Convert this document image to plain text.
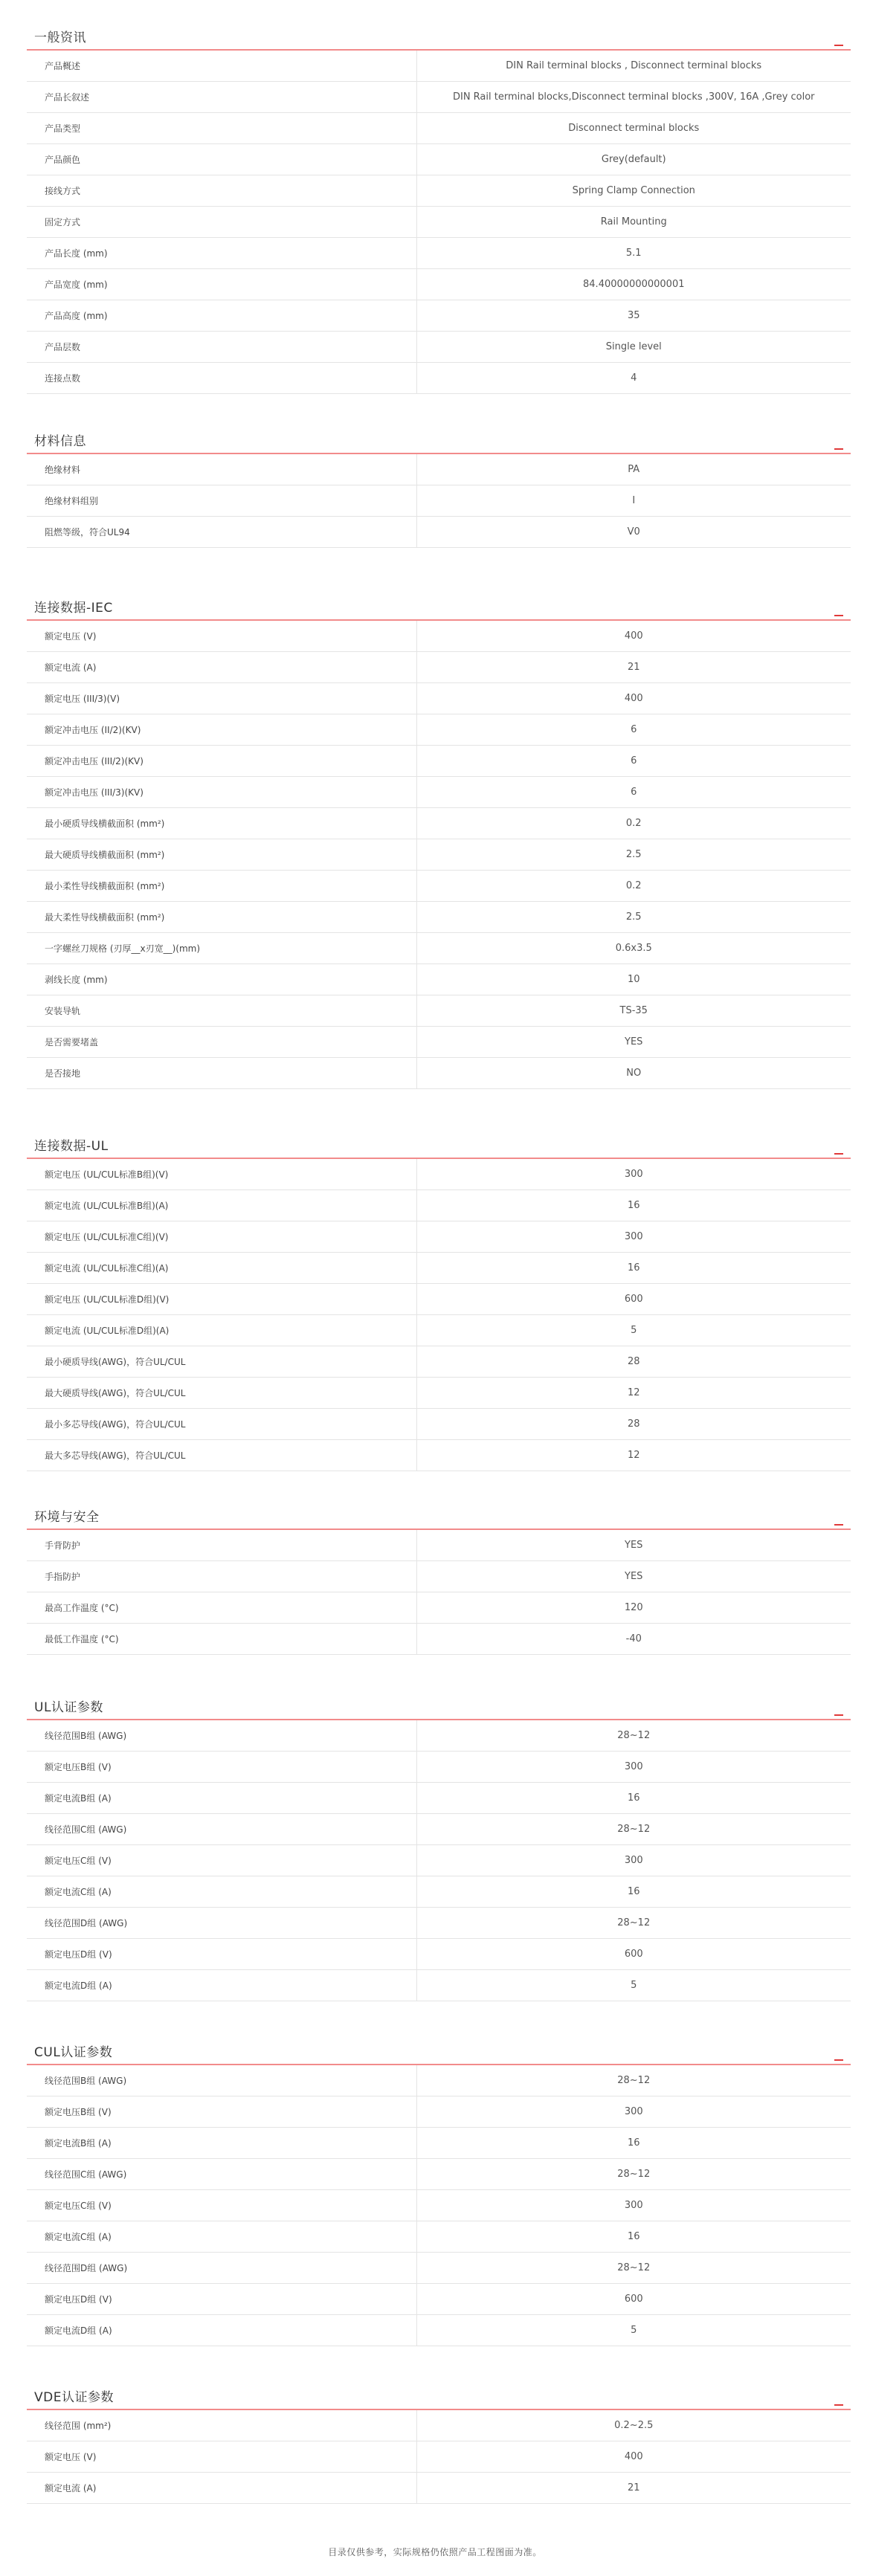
一般资讯
产品概述	DIN Rail terminal blocks , Disconnect terminal blocks
产品长叙述	DIN Rail terminal blocks,Disconnect terminal blocks ,300V, 16A ,Grey color
产品类型	Disconnect terminal blocks
产品颜色	Grey(default)
接线方式	Spring Clamp Connection
固定方式	Rail Mounting
产品长度 (mm)	5.1
产品宽度 (mm)	84.40000000000001
产品高度 (mm)	35
产品层数	Single level
连接点数	4
材料信息
绝缘材料	PA
绝缘材料组别	I
阻燃等级，符合UL94	V0
连接数据-IEC
额定电压 (V)	400
额定电流 (A)	21
额定电压 (III/3)(V)	400
额定冲击电压 (II/2)(KV)	6
额定冲击电压 (III/2)(KV)	6
额定冲击电压 (III/3)(KV)	6
最小硬质导线横截面积 (mm²)	0.2
最大硬质导线横截面积 (mm²)	2.5
最小柔性导线横截面积 (mm²)	0.2
最大柔性导线横截面积 (mm²)	2.5
一字螺丝刀规格 (刃厚__x刃宽__)(mm)	0.6x3.5
剥线长度 (mm)	10
安装导轨	TS-35
是否需要堵盖	YES
是否接地	NO
连接数据-UL
额定电压 (UL/CUL标准B组)(V)	300
额定电流 (UL/CUL标准B组)(A)	16
额定电压 (UL/CUL标准C组)(V)	300
额定电流 (UL/CUL标准C组)(A)	16
额定电压 (UL/CUL标准D组)(V)	600
额定电流 (UL/CUL标准D组)(A)	5
最小硬质导线(AWG)，符合UL/CUL	28
最大硬质导线(AWG)，符合UL/CUL	12
最小多芯导线(AWG)，符合UL/CUL	28
最大多芯导线(AWG)，符合UL/CUL	12
环境与安全
手背防护	YES
手指防护	YES
最高工作温度 (°C)	120
最低工作温度 (°C)	-40
UL认证参数
线径范围B组 (AWG)	28~12
额定电压B组 (V)	300
额定电流B组 (A)	16
线径范围C组 (AWG)	28~12
额定电压C组 (V)	300
额定电流C组 (A)	16
线径范围D组 (AWG)	28~12
额定电压D组 (V)	600
额定电流D组 (A)	5
CUL认证参数
线径范围B组 (AWG)	28~12
额定电压B组 (V)	300
额定电流B组 (A)	16
线径范围C组 (AWG)	28~12
额定电压C组 (V)	300
额定电流C组 (A)	16
线径范围D组 (AWG)	28~12
额定电压D组 (V)	600
额定电流D组 (A)	5
VDE认证参数
线径范围 (mm²)	0.2~2.5
额定电压 (V)	400
额定电流 (A)	21
目录仅供参考，实际规格仍依照产品工程图面为准。
